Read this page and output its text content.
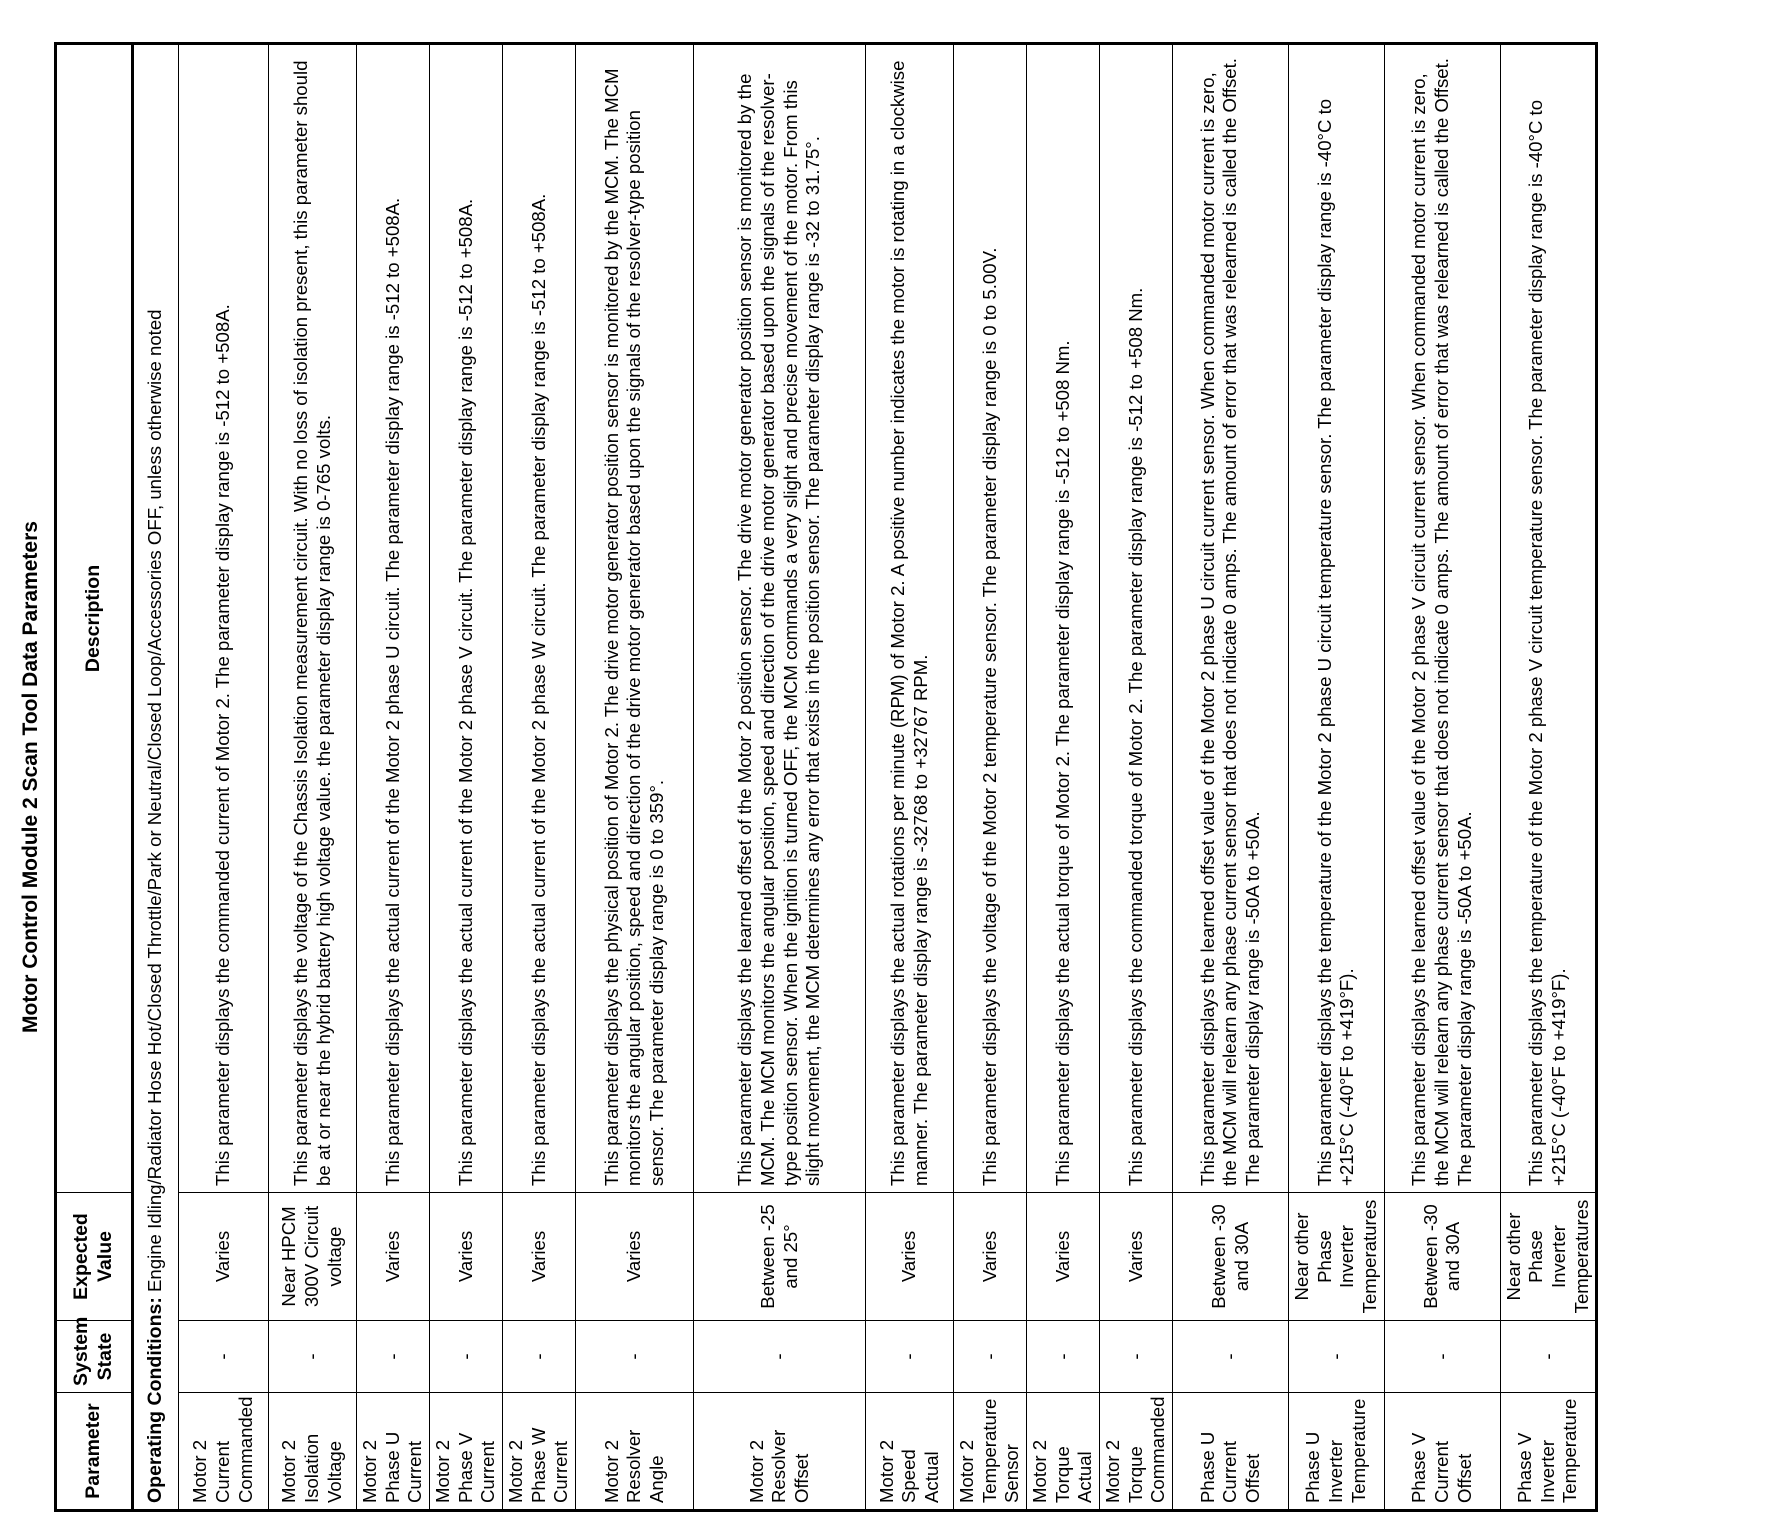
Motor Control Module 2 Scan Tool Data Parameters
Parameter	System State	Expected Value	Description
Operating Conditions: Engine Idling/Radiator Hose Hot/Closed Throttle/Park or Neutral/Closed Loop/Accessories OFF, unless otherwise noted			
Motor 2 Current Commanded	-	Varies	This parameter displays the commanded current of Motor 2. The parameter display range is -512 to +508A.
Motor 2 Isolation Voltage	-	Near HPCM 300V Circuit voltage	This parameter displays the voltage of the Chassis Isolation measurement circuit. With no loss of isolation present, this parameter should be at or near the hybrid battery high voltage value. the parameter display range is 0-765 volts.
Motor 2 Phase U Current	-	Varies	This parameter displays the actual current of the Motor 2 phase U circuit. The parameter display range is -512 to +508A.
Motor 2 Phase V Current	-	Varies	This parameter displays the actual current of the Motor 2 phase V circuit. The parameter display range is -512 to +508A.
Motor 2 Phase W Current	-	Varies	This parameter displays the actual current of the Motor 2 phase W circuit. The parameter display range is -512 to +508A.
Motor 2 Resolver Angle	-	Varies	This parameter displays the physical position of Motor 2. The drive motor generator position sensor is monitored by the MCM. The MCM monitors the angular position, speed and direction of the drive motor generator based upon the signals of the resolver-type position sensor. The parameter display range is 0 to 359°.
Motor 2 Resolver Offset	-	Between -25 and 25°	This parameter displays the learned offset of the Motor 2 position sensor. The drive motor generator position sensor is monitored by the MCM. The MCM monitors the angular position, speed and direction of the drive motor generator based upon the signals of the resolver-type position sensor. When the ignition is turned OFF, the MCM commands a very slight and precise movement of the motor. From this slight movement, the MCM determines any error that exists in the position sensor. The parameter display range is -32 to 31.75°.
Motor 2 Speed Actual	-	Varies	This parameter displays the actual rotations per minute (RPM) of Motor 2. A positive number indicates the motor is rotating in a clockwise manner. The parameter display range is -32768 to +32767 RPM.
Motor 2 Temperature Sensor	-	Varies	This parameter displays the voltage of the Motor 2 temperature sensor. The parameter display range is 0 to 5.00V.
Motor 2 Torque Actual	-	Varies	This parameter displays the actual torque of Motor 2. The parameter display range is -512 to +508 Nm.
Motor 2 Torque Commanded	-	Varies	This parameter displays the commanded torque of Motor 2. The parameter display range is -512 to +508 Nm.
Phase U Current Offset	-	Between -30 and 30A	This parameter displays the learned offset value of the Motor 2 phase U circuit current sensor. When commanded motor current is zero, the MCM will relearn any phase current sensor that does not indicate 0 amps. The amount of error that was relearned is called the Offset. The parameter display range is -50A to +50A.
Phase U Inverter Temperature	-	Near other Phase Inverter Temperatures	This parameter displays the temperature of the Motor 2 phase U circuit temperature sensor. The parameter display range is -40°C to +215°C (-40°F to +419°F).
Phase V Current Offset	-	Between -30 and 30A	This parameter displays the learned offset value of the Motor 2 phase V circuit current sensor. When commanded motor current is zero, the MCM will relearn any phase current sensor that does not indicate 0 amps. The amount of error that was relearned is called the Offset. The parameter display range is -50A to +50A.
Phase V Inverter Temperature	-	Near other Phase Inverter Temperatures	This parameter displays the temperature of the Motor 2 phase V circuit temperature sensor. The parameter display range is -40°C to +215°C (-40°F to +419°F).
